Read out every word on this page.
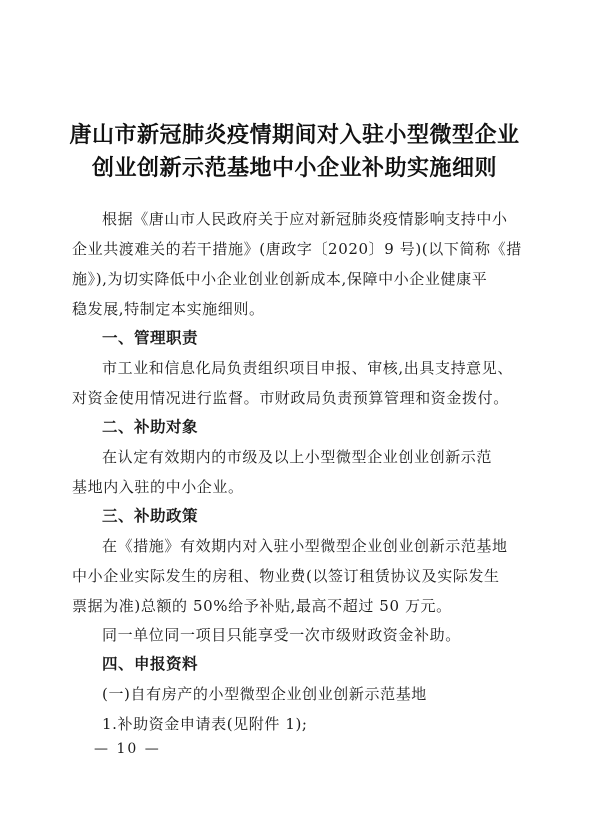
唐山市新冠肺炎疫情期间对入驻小型微型企业
创业创新示范基地中小企业补助实施细则
根据《唐山市人民政府关于应对新冠肺炎疫情影响支持中小
企业共渡难关的若干措施》(唐政字〔2020〕9 号)(以下简称《措
施》),为切实降低中小企业创业创新成本,保障中小企业健康平
稳发展,特制定本实施细则。
一、管理职责
市工业和信息化局负责组织项目申报、审核,出具支持意见、
对资金使用情况进行监督。市财政局负责预算管理和资金拨付。
二、补助对象
在认定有效期内的市级及以上小型微型企业创业创新示范
基地内入驻的中小企业。
三、补助政策
在《措施》有效期内对入驻小型微型企业创业创新示范基地
中小企业实际发生的房租、物业费(以签订租赁协议及实际发生
票据为准)总额的 50%给予补贴,最高不超过 50 万元。
同一单位同一项目只能享受一次市级财政资金补助。
四、申报资料
(一)自有房产的小型微型企业创业创新示范基地
1.补助资金申请表(见附件 1);
— 10 —
